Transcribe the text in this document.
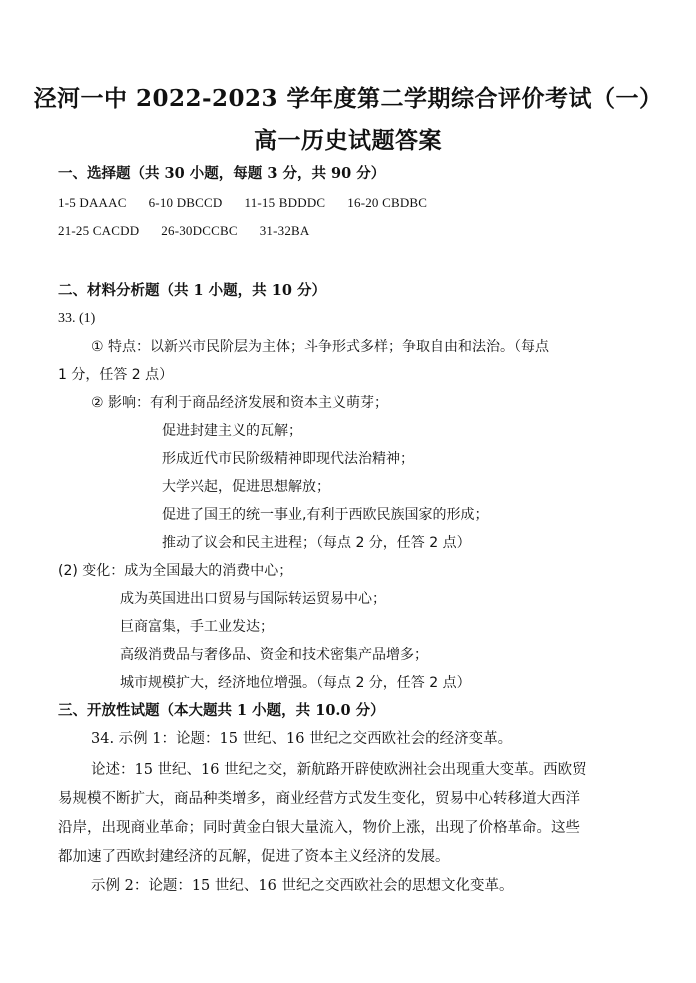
泾河一中 2022-2023 学年度第二学期综合评价考试（一）
高一历史试题答案
一、选择题（共 30 小题，每题 3 分，共 90 分）
1-5 DAAAC 6-10 DBCCD 11-15 BDDDC 16-20 CBDBC
21-25 CACDD 26-30DCCBC 31-32BA
二、材料分析题（共 1 小题，共 10 分）
33. (1)
① 特点：以新兴市民阶层为主体；斗争形式多样；争取自由和法治。（每点
1 分，任答 2 点）
② 影响：有利于商品经济发展和资本主义萌芽；
促进封建主义的瓦解；
形成近代市民阶级精神即现代法治精神；
大学兴起，促进思想解放；
促进了国王的统一事业,有利于西欧民族国家的形成；
推动了议会和民主进程；（每点 2 分，任答 2 点）
(2) 变化：成为全国最大的消费中心；
成为英国进出口贸易与国际转运贸易中心；
巨商富集，手工业发达；
高级消费品与奢侈品、资金和技术密集产品增多；
城市规模扩大，经济地位增强。（每点 2 分，任答 2 点）
三、开放性试题（本大题共 1 小题，共 10.0 分）
34. 示例 1：论题：15 世纪、16 世纪之交西欧社会的经济变革。
论述：15 世纪、16 世纪之交，新航路开辟使欧洲社会出现重大变革。西欧贸
易规模不断扩大，商品种类增多，商业经营方式发生变化，贸易中心转移道大西洋
沿岸，出现商业革命；同时黄金白银大量流入，物价上涨，出现了价格革命。这些
都加速了西欧封建经济的瓦解，促进了资本主义经济的发展。
示例 2：论题：15 世纪、16 世纪之交西欧社会的思想文化变革。
